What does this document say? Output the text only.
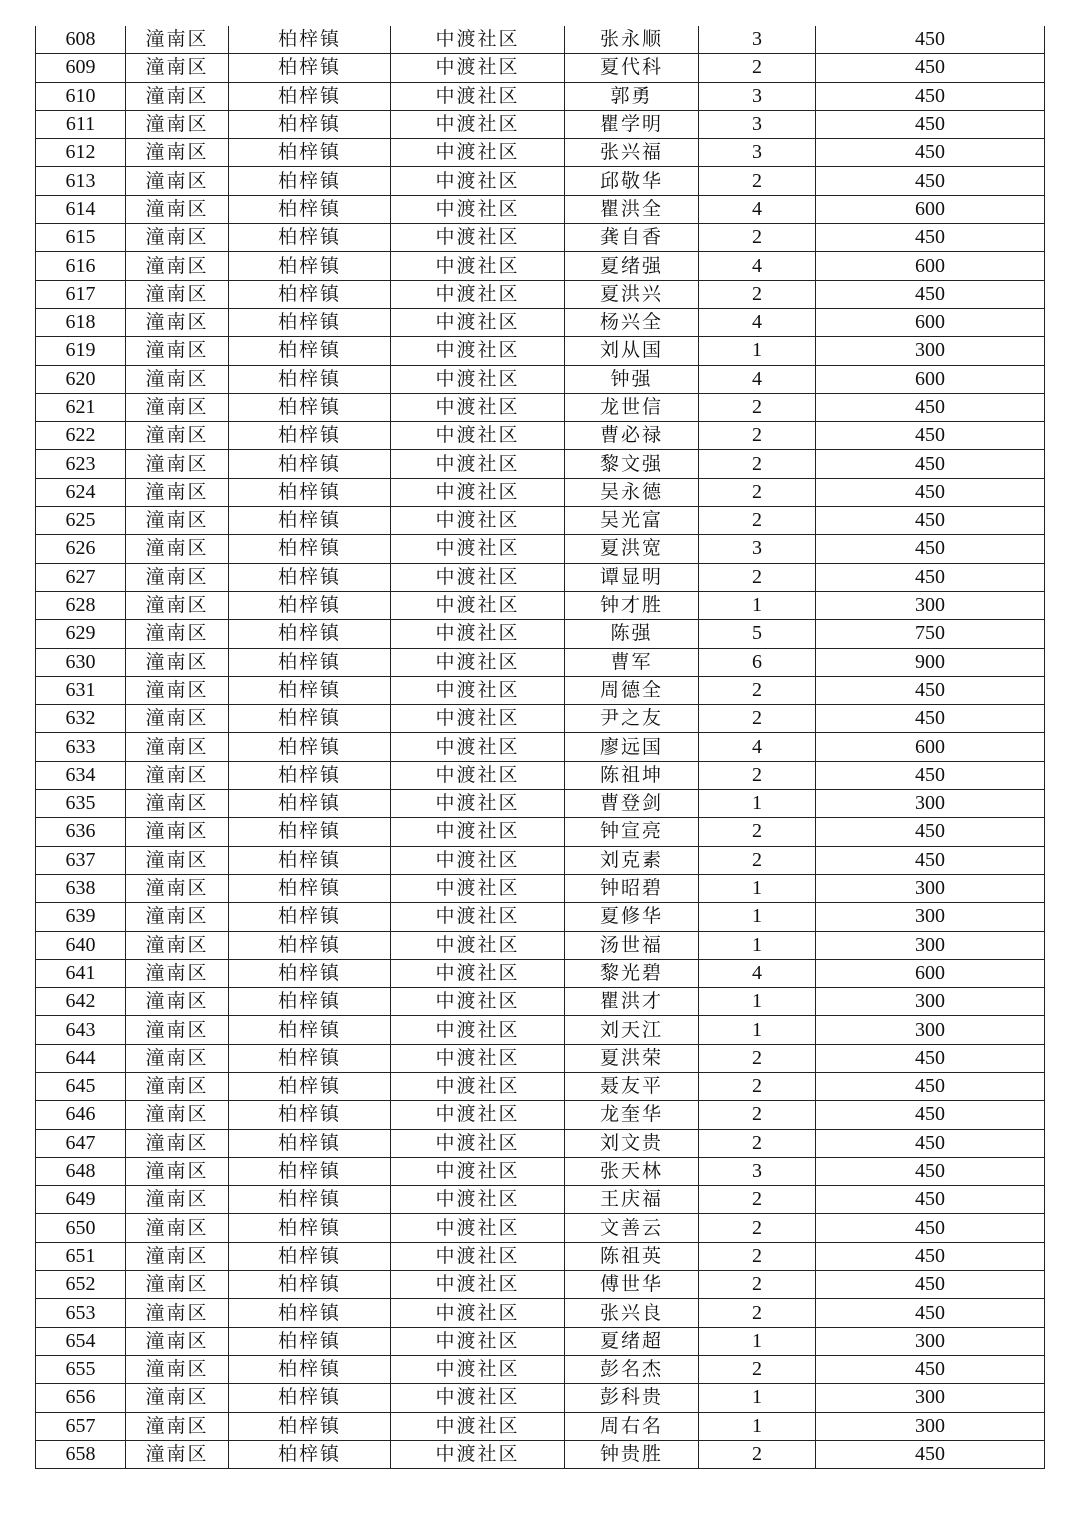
608	潼南区	柏梓镇	中渡社区	张永顺	3	450
609	潼南区	柏梓镇	中渡社区	夏代科	2	450
610	潼南区	柏梓镇	中渡社区	郭勇	3	450
611	潼南区	柏梓镇	中渡社区	瞿学明	3	450
612	潼南区	柏梓镇	中渡社区	张兴福	3	450
613	潼南区	柏梓镇	中渡社区	邱敬华	2	450
614	潼南区	柏梓镇	中渡社区	瞿洪全	4	600
615	潼南区	柏梓镇	中渡社区	龚自香	2	450
616	潼南区	柏梓镇	中渡社区	夏绪强	4	600
617	潼南区	柏梓镇	中渡社区	夏洪兴	2	450
618	潼南区	柏梓镇	中渡社区	杨兴全	4	600
619	潼南区	柏梓镇	中渡社区	刘从国	1	300
620	潼南区	柏梓镇	中渡社区	钟强	4	600
621	潼南区	柏梓镇	中渡社区	龙世信	2	450
622	潼南区	柏梓镇	中渡社区	曹必禄	2	450
623	潼南区	柏梓镇	中渡社区	黎文强	2	450
624	潼南区	柏梓镇	中渡社区	吴永德	2	450
625	潼南区	柏梓镇	中渡社区	吴光富	2	450
626	潼南区	柏梓镇	中渡社区	夏洪宽	3	450
627	潼南区	柏梓镇	中渡社区	谭显明	2	450
628	潼南区	柏梓镇	中渡社区	钟才胜	1	300
629	潼南区	柏梓镇	中渡社区	陈强	5	750
630	潼南区	柏梓镇	中渡社区	曹军	6	900
631	潼南区	柏梓镇	中渡社区	周德全	2	450
632	潼南区	柏梓镇	中渡社区	尹之友	2	450
633	潼南区	柏梓镇	中渡社区	廖远国	4	600
634	潼南区	柏梓镇	中渡社区	陈祖坤	2	450
635	潼南区	柏梓镇	中渡社区	曹登剑	1	300
636	潼南区	柏梓镇	中渡社区	钟宣亮	2	450
637	潼南区	柏梓镇	中渡社区	刘克素	2	450
638	潼南区	柏梓镇	中渡社区	钟昭碧	1	300
639	潼南区	柏梓镇	中渡社区	夏修华	1	300
640	潼南区	柏梓镇	中渡社区	汤世福	1	300
641	潼南区	柏梓镇	中渡社区	黎光碧	4	600
642	潼南区	柏梓镇	中渡社区	瞿洪才	1	300
643	潼南区	柏梓镇	中渡社区	刘天江	1	300
644	潼南区	柏梓镇	中渡社区	夏洪荣	2	450
645	潼南区	柏梓镇	中渡社区	聂友平	2	450
646	潼南区	柏梓镇	中渡社区	龙奎华	2	450
647	潼南区	柏梓镇	中渡社区	刘文贵	2	450
648	潼南区	柏梓镇	中渡社区	张天林	3	450
649	潼南区	柏梓镇	中渡社区	王庆福	2	450
650	潼南区	柏梓镇	中渡社区	文善云	2	450
651	潼南区	柏梓镇	中渡社区	陈祖英	2	450
652	潼南区	柏梓镇	中渡社区	傅世华	2	450
653	潼南区	柏梓镇	中渡社区	张兴良	2	450
654	潼南区	柏梓镇	中渡社区	夏绪超	1	300
655	潼南区	柏梓镇	中渡社区	彭名杰	2	450
656	潼南区	柏梓镇	中渡社区	彭科贵	1	300
657	潼南区	柏梓镇	中渡社区	周右名	1	300
658	潼南区	柏梓镇	中渡社区	钟贵胜	2	450
